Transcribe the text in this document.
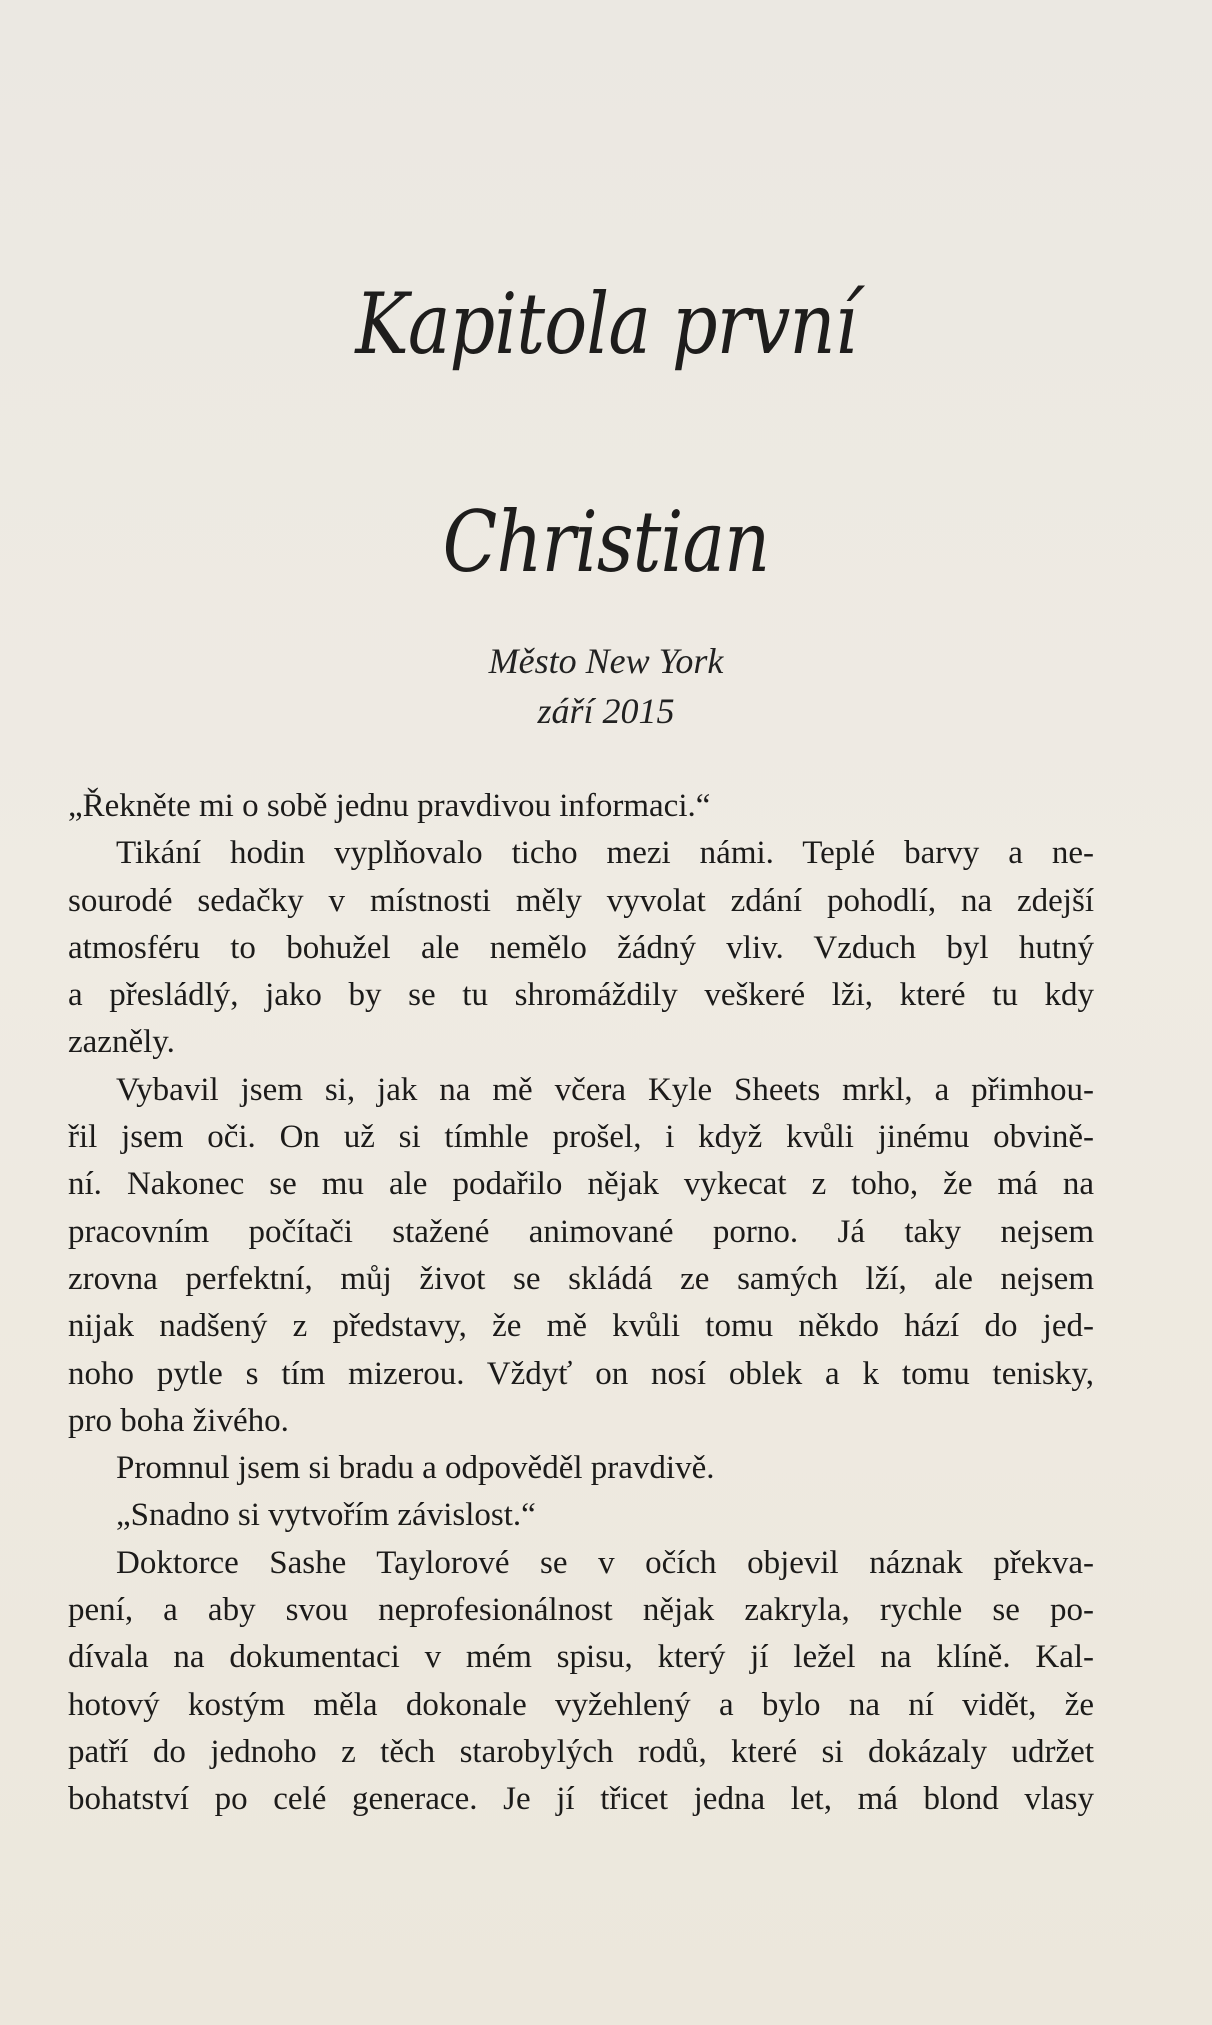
Kapitola první
Christian
Město New York
září 2015
„Řekněte mi o sobě jednu pravdivou informaci.“
Tikání hodin vyplňovalo ticho mezi námi. Teplé barvy a ne-
sourodé sedačky v místnosti měly vyvolat zdání pohodlí, na zdejší
atmosféru to bohužel ale nemělo žádný vliv. Vzduch byl hutný
a přesládlý, jako by se tu shromáždily veškeré lži, které tu kdy
zazněly.
Vybavil jsem si, jak na mě včera Kyle Sheets mrkl, a přimhou-
řil jsem oči. On už si tímhle prošel, i když kvůli jinému obvině-
ní. Nakonec se mu ale podařilo nějak vykecat z toho, že má na
pracovním počítači stažené animované porno. Já taky nejsem
zrovna perfektní, můj život se skládá ze samých lží, ale nejsem
nijak nadšený z představy, že mě kvůli tomu někdo hází do jed-
noho pytle s tím mizerou. Vždyť on nosí oblek a k tomu tenisky,
pro boha živého.
Promnul jsem si bradu a odpověděl pravdivě.
„Snadno si vytvořím závislost.“
Doktorce Sashe Taylorové se v očích objevil náznak překva-
pení, a aby svou neprofesionálnost nějak zakryla, rychle se po-
dívala na dokumentaci v mém spisu, který jí ležel na klíně. Kal-
hotový kostým měla dokonale vyžehlený a bylo na ní vidět, že
patří do jednoho z těch starobylých rodů, které si dokázaly udržet
bohatství po celé generace. Je jí třicet jedna let, má blond vlasy
